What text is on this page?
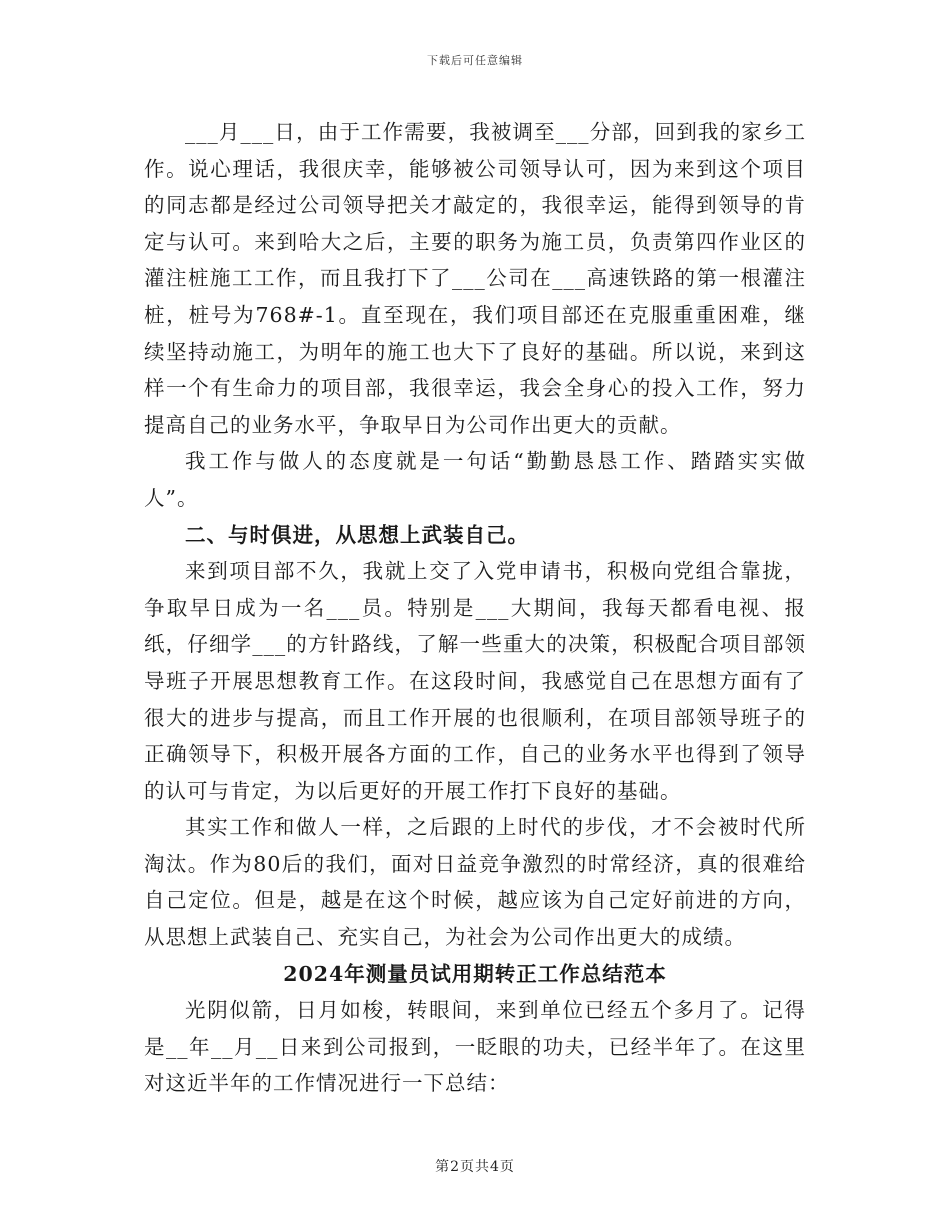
下载后可任意编辑

___月___日，由于工作需要，我被调至___分部，回到我的家乡工作。说心理话，我很庆幸，能够被公司领导认可，因为来到这个项目的同志都是经过公司领导把关才敲定的，我很幸运，能得到领导的肯定与认可。来到哈大之后，主要的职务为施工员，负责第四作业区的灌注桩施工工作，而且我打下了___公司在___高速铁路的第一根灌注桩，桩号为768#-1。直至现在，我们项目部还在克服重重困难，继续坚持动施工，为明年的施工也大下了良好的基础。所以说，来到这样一个有生命力的项目部，我很幸运，我会全身心的投入工作，努力提高自己的业务水平，争取早日为公司作出更大的贡献。

我工作与做人的态度就是一句话“勤勤恳恳工作、踏踏实实做人”。

二、与时俱进，从思想上武装自己。

来到项目部不久，我就上交了入党申请书，积极向党组合靠拢，争取早日成为一名___员。特别是___大期间，我每天都看电视、报纸，仔细学___的方针路线，了解一些重大的决策，积极配合项目部领导班子开展思想教育工作。在这段时间，我感觉自己在思想方面有了很大的进步与提高，而且工作开展的也很顺利，在项目部领导班子的正确领导下，积极开展各方面的工作，自己的业务水平也得到了领导的认可与肯定，为以后更好的开展工作打下良好的基础。

其实工作和做人一样，之后跟的上时代的步伐，才不会被时代所淘汰。作为80后的我们，面对日益竞争激烈的时常经济，真的很难给自己定位。但是，越是在这个时候，越应该为自己定好前进的方向，从思想上武装自己、充实自己，为社会为公司作出更大的成绩。

2024年测量员试用期转正工作总结范本

光阴似箭，日月如梭，转眼间，来到单位已经五个多月了。记得是__年__月__日来到公司报到，一眨眼的功夫，已经半年了。在这里对这近半年的工作情况进行一下总结：

第2页共4页
